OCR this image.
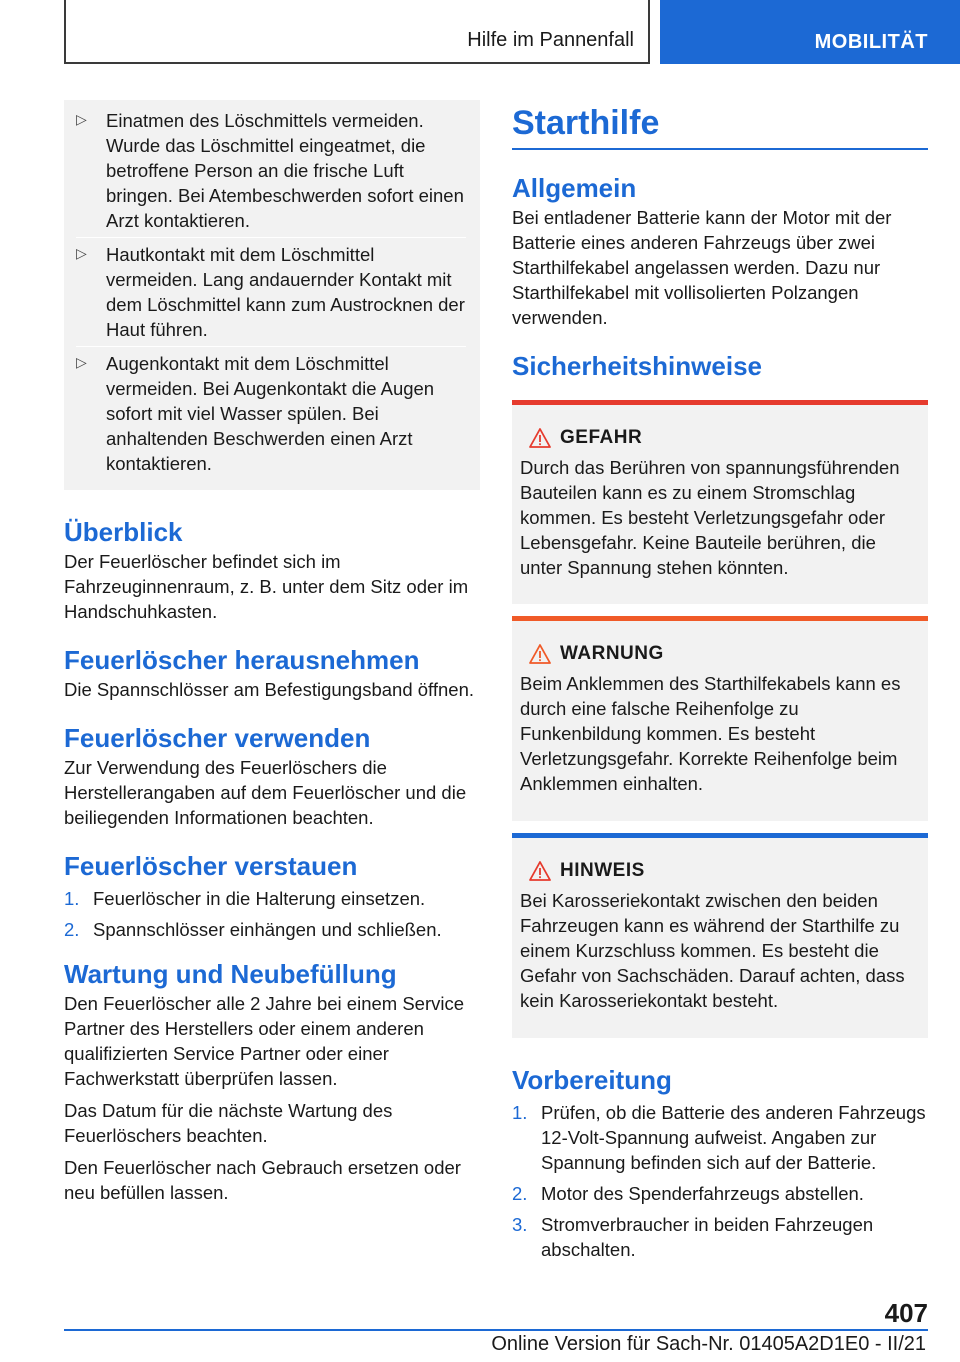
Hilfe im Pannenfall	MOBILITÄT
▷	Einatmen des Löschmittels vermeiden. Wurde das Löschmittel eingeatmet, die betroffene Person an die frische Luft bringen. Bei Atembeschwerden sofort einen Arzt kontaktieren.

▷	Hautkontakt mit dem Löschmittel vermeiden. Lang andauernder Kontakt mit dem Löschmittel kann zum Austrocknen der Haut führen.

▷	Augenkontakt mit dem Löschmittel vermeiden. Bei Augenkontakt die Augen sofort mit viel Wasser spülen. Bei anhaltenden Beschwerden einen Arzt kontaktieren.

Überblick

Der Feuerlöscher befindet sich im Fahrzeuginnenraum, z. B. unter dem Sitz oder im Handschuhkasten.

Feuerlöscher herausnehmen

Die Spannschlösser am Befestigungsband öffnen.

Feuerlöscher verwenden

Zur Verwendung des Feuerlöschers die Herstellerangaben auf dem Feuerlöscher und die beiliegenden Informationen beachten.

Feuerlöscher verstauen
1. Feuerlöscher in die Halterung einsetzen.
2. Spannschlösser einhängen und schließen.
Wartung und Neubefüllung

Den Feuerlöscher alle 2 Jahre bei einem Service Partner des Herstellers oder einem anderen qualifizierten Service Partner oder einer Fachwerkstatt überprüfen lassen.

Das Datum für die nächste Wartung des Feuerlöschers beachten.

Den Feuerlöscher nach Gebrauch ersetzen oder neu befüllen lassen.

Starthilfe
Allgemein

Bei entladener Batterie kann der Motor mit der Batterie eines anderen Fahrzeugs über zwei Starthilfekabel angelassen werden. Dazu nur Starthilfekabel mit vollisolierten Polzangen verwenden.

Sicherheitshinweise
GEFAHR

Durch das Berühren von spannungsführenden Bauteilen kann es zu einem Stromschlag kommen. Es besteht Verletzungsgefahr oder Lebensgefahr. Keine Bauteile berühren, die unter Spannung stehen könnten.

WARNUNG

Beim Anklemmen des Starthilfekabels kann es durch eine falsche Reihenfolge zu Funkenbildung kommen. Es besteht Verletzungsgefahr. Korrekte Reihenfolge beim Anklemmen einhalten.

HINWEIS

Bei Karosseriekontakt zwischen den beiden Fahrzeugen kann es während der Starthilfe zu einem Kurzschluss kommen. Es besteht die Gefahr von Sachschäden. Darauf achten, dass kein Karosseriekontakt besteht.

Vorbereitung
1. Prüfen, ob die Batterie des anderen Fahrzeugs 12-Volt-Spannung aufweist. Angaben zur Spannung befinden sich auf der Batterie.
2. Motor des Spenderfahrzeugs abstellen.
3. Stromverbraucher in beiden Fahrzeugen abschalten.
407
Online Version für Sach-Nr. 01405A2D1E0 - II/21
